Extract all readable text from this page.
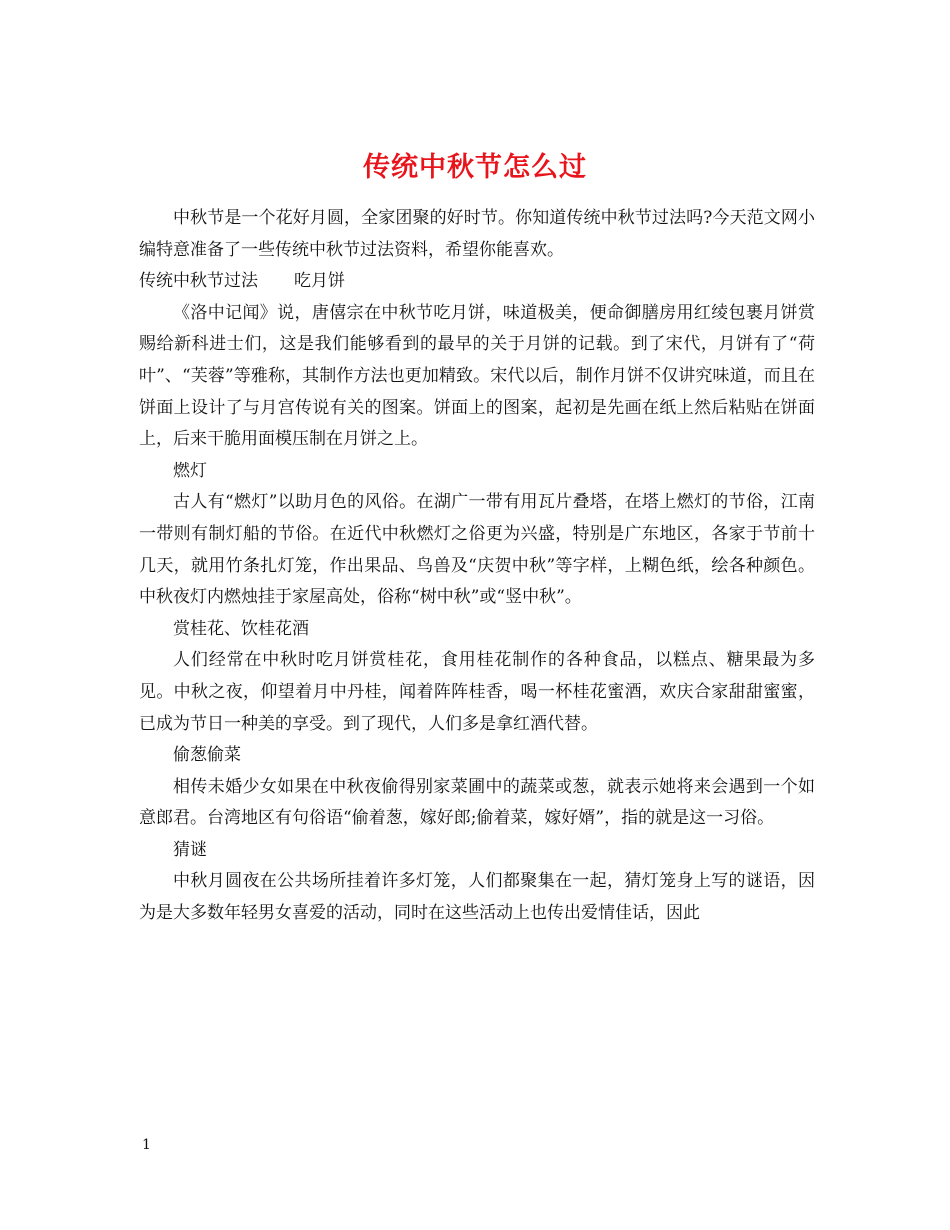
传统中秋节怎么过

中秋节是一个花好月圆，全家团聚的好时节。你知道传统中秋节过法吗?今天范文网小编特意准备了一些传统中秋节过法资料，希望你能喜欢。

传统中秋节过法 吃月饼

《洛中记闻》说，唐僖宗在中秋节吃月饼，味道极美，便命御膳房用红绫包裹月饼赏赐给新科进士们，这是我们能够看到的最早的关于月饼的记载。到了宋代，月饼有了“荷叶”、“芙蓉”等雅称，其制作方法也更加精致。宋代以后，制作月饼不仅讲究味道，而且在饼面上设计了与月宫传说有关的图案。饼面上的图案，起初是先画在纸上然后粘贴在饼面上，后来干脆用面模压制在月饼之上。

燃灯

古人有“燃灯”以助月色的风俗。在湖广一带有用瓦片叠塔，在塔上燃灯的节俗，江南一带则有制灯船的节俗。在近代中秋燃灯之俗更为兴盛，特别是广东地区，各家于节前十几天，就用竹条扎灯笼，作出果品、鸟兽及“庆贺中秋”等字样，上糊色纸，绘各种颜色。中秋夜灯内燃烛挂于家屋高处，俗称“树中秋”或“竖中秋”。

赏桂花、饮桂花酒

人们经常在中秋时吃月饼赏桂花，食用桂花制作的各种食品，以糕点、糖果最为多见。中秋之夜，仰望着月中丹桂，闻着阵阵桂香，喝一杯桂花蜜酒，欢庆合家甜甜蜜蜜，已成为节日一种美的享受。到了现代，人们多是拿红酒代替。

偷葱偷菜

相传未婚少女如果在中秋夜偷得别家菜圃中的蔬菜或葱，就表示她将来会遇到一个如意郎君。台湾地区有句俗语“偷着葱，嫁好郎;偷着菜，嫁好婿”，指的就是这一习俗。

猜谜

中秋月圆夜在公共场所挂着许多灯笼，人们都聚集在一起，猜灯笼身上写的谜语，因为是大多数年轻男女喜爱的活动，同时在这些活动上也传出爱情佳话，因此

1
